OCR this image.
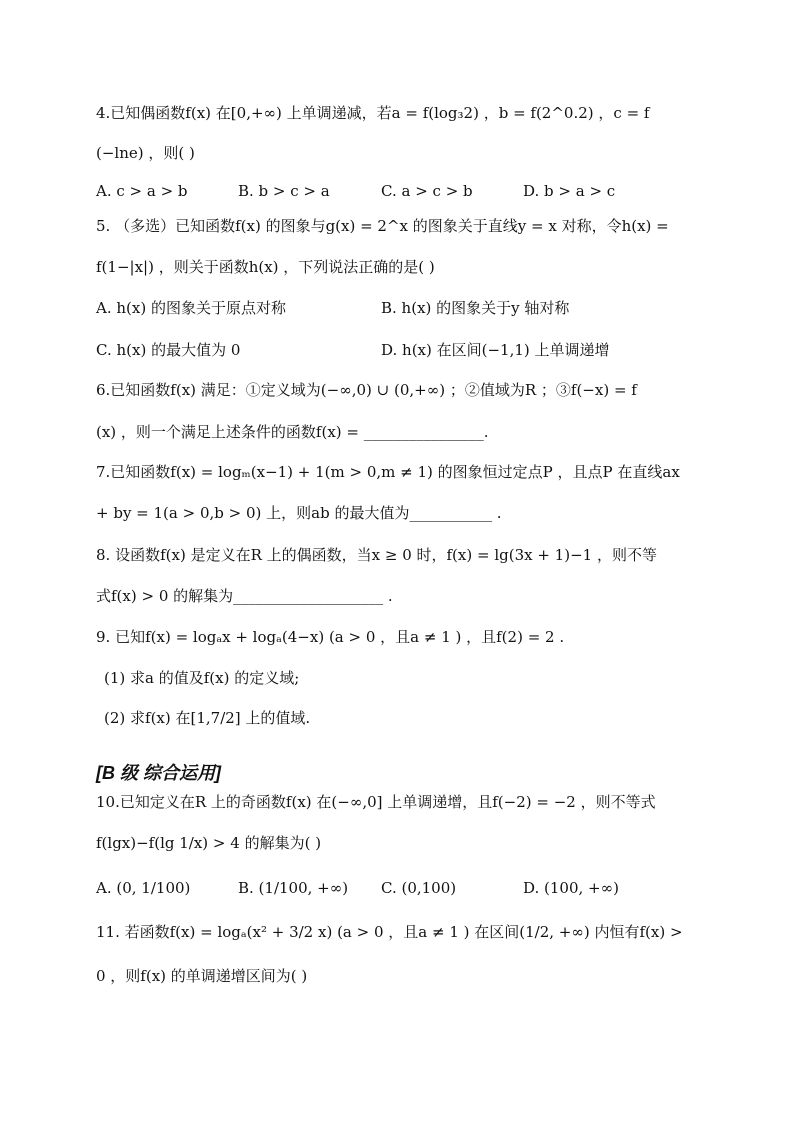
4.已知偶函数f(x) 在[0,+∞) 上单调递减，若a = f(log₃2) ，b = f(2^0.2) ，c = f
(−lne) ，则( )
A. c > a > b	B. b > c > a	C. a > c > b	D. b > a > c
5. （多选）已知函数f(x) 的图象与g(x) = 2^x 的图象关于直线y = x 对称，令h(x) =
f(1−|x|) ，则关于函数h(x) ，下列说法正确的是( )
A. h(x) 的图象关于原点对称	B. h(x) 的图象关于y 轴对称
C. h(x) 的最大值为 0	D. h(x) 在区间(−1,1) 上单调递增
6.已知函数f(x) 满足：①定义域为(−∞,0) ∪ (0,+∞) ；②值域为R ；③f(−x) = f
(x) ，则一个满足上述条件的函数f(x) = ________________.
7.已知函数f(x) = logₘ(x−1) + 1(m > 0,m ≠ 1) 的图象恒过定点P ，且点P 在直线ax
+ by = 1(a > 0,b > 0) 上，则ab 的最大值为___________ .
8. 设函数f(x) 是定义在R 上的偶函数，当x ≥ 0 时，f(x) = lg(3x + 1)−1 ，则不等
式f(x) > 0 的解集为____________________ .
9. 已知f(x) = logₐx + logₐ(4−x) (a > 0 ，且a ≠ 1 ) ，且f(2) = 2 .
(1) 求a 的值及f(x) 的定义域;
(2) 求f(x) 在[1,7/2] 上的值域.
[B 级 综合运用]
10.已知定义在R 上的奇函数f(x) 在(−∞,0] 上单调递增，且f(−2) = −2 ，则不等式
f(lgx)−f(lg 1/x) > 4 的解集为( )
A. (0, 1/100)	B. (1/100, +∞) C. (0,100)	D. (100, +∞)
11. 若函数f(x) = logₐ(x² + 3/2 x) (a > 0 ，且a ≠ 1 ) 在区间(1/2, +∞) 内恒有f(x) >
0 ，则f(x) 的单调递增区间为( )
